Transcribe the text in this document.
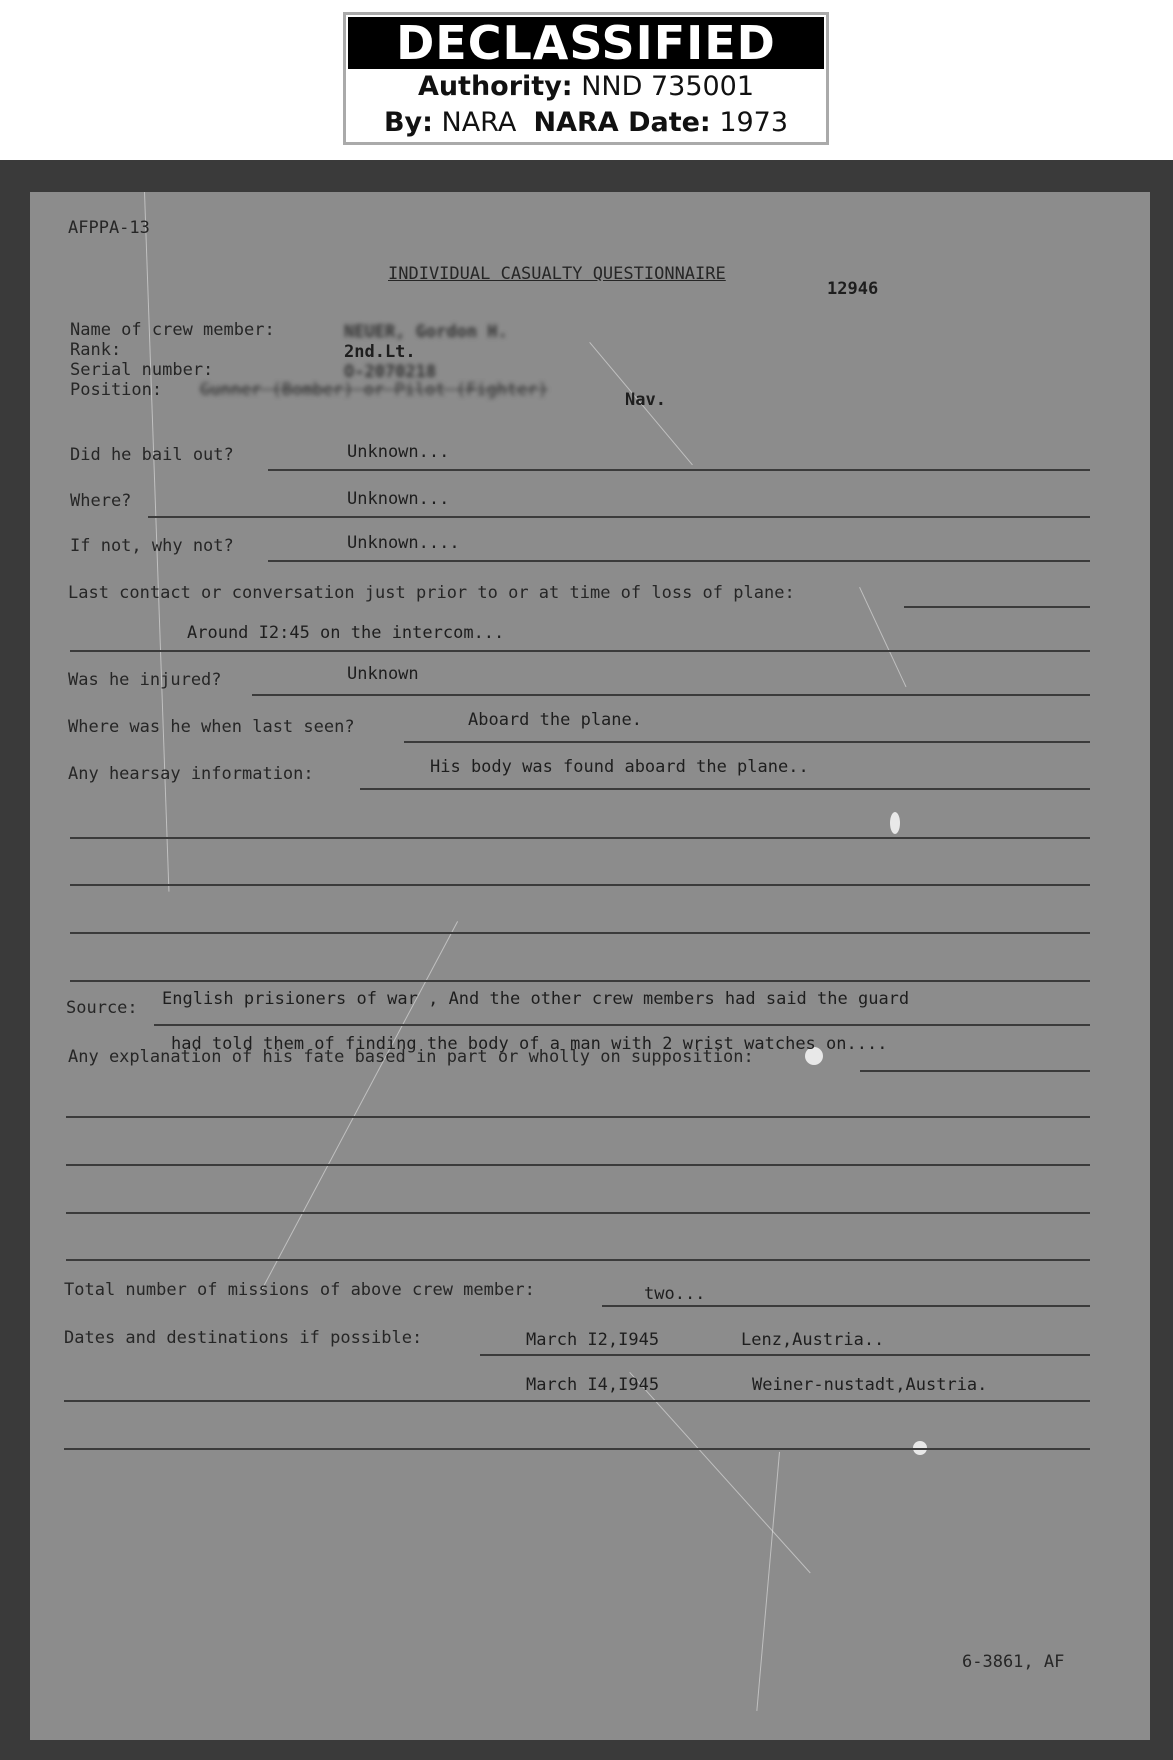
DECLASSIFIED
Authority: NND 735001
By: NARA NARA Date: 1973
AFPPA-13
INDIVIDUAL CASUALTY QUESTIONNAIRE
12946
Name of crew member:	NEUER, Gordon H.
Rank:	2nd.Lt.
Serial number:	O-2070218
Position: Gunner (Bomber) or Pilot (Fighter)	Nav.
Did he bail out?	Unknown...
Where?	Unknown...
If not, why not?	Unknown....
Last contact or conversation just prior to or at time of loss of plane:
Around I2:45 on the intercom...
Was he injured?	Unknown
Where was he when last seen?	Aboard the plane.
Any hearsay information:	His body was found aboard the plane..
Source: English prisioners of war , And the other crew members had said the guard
had told them of finding the body of a man with 2 wrist watches on....
Any explanation of his fate based in part or wholly on supposition:
Total number of missions of above crew member:	two...
Dates and destinations if possible:	March I2,I945	Lenz,Austria..
March I4,I945	Weiner-nustadt,Austria.
6-3861, AF
